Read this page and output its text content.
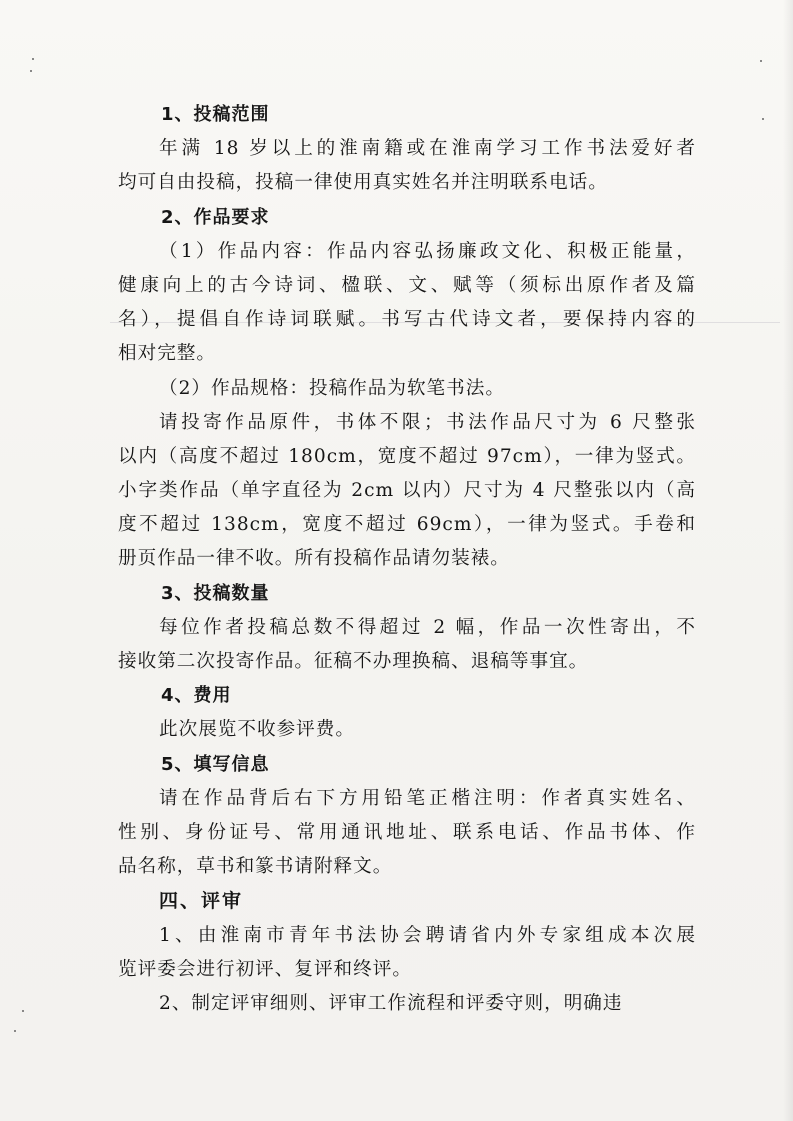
1、投稿范围
年满 18 岁以上的淮南籍或在淮南学习工作书法爱好者
均可自由投稿，投稿一律使用真实姓名并注明联系电话。
2、作品要求
（1）作品内容：作品内容弘扬廉政文化、积极正能量，
健康向上的古今诗词、楹联、文、赋等（须标出原作者及篇
名），提倡自作诗词联赋。书写古代诗文者，要保持内容的
相对完整。
（2）作品规格：投稿作品为软笔书法。
请投寄作品原件，书体不限；书法作品尺寸为 6 尺整张
以内（高度不超过 180cm，宽度不超过 97cm），一律为竖式。
小字类作品（单字直径为 2cm 以内）尺寸为 4 尺整张以内（高
度不超过 138cm，宽度不超过 69cm），一律为竖式。手卷和
册页作品一律不收。所有投稿作品请勿装裱。
3、投稿数量
每位作者投稿总数不得超过 2 幅，作品一次性寄出，不
接收第二次投寄作品。征稿不办理换稿、退稿等事宜。
4、费用
此次展览不收参评费。
5、填写信息
请在作品背后右下方用铅笔正楷注明：作者真实姓名、
性别、身份证号、常用通讯地址、联系电话、作品书体、作
品名称，草书和篆书请附释文。
四、评审
1、由淮南市青年书法协会聘请省内外专家组成本次展
览评委会进行初评、复评和终评。
2、制定评审细则、评审工作流程和评委守则，明确违
